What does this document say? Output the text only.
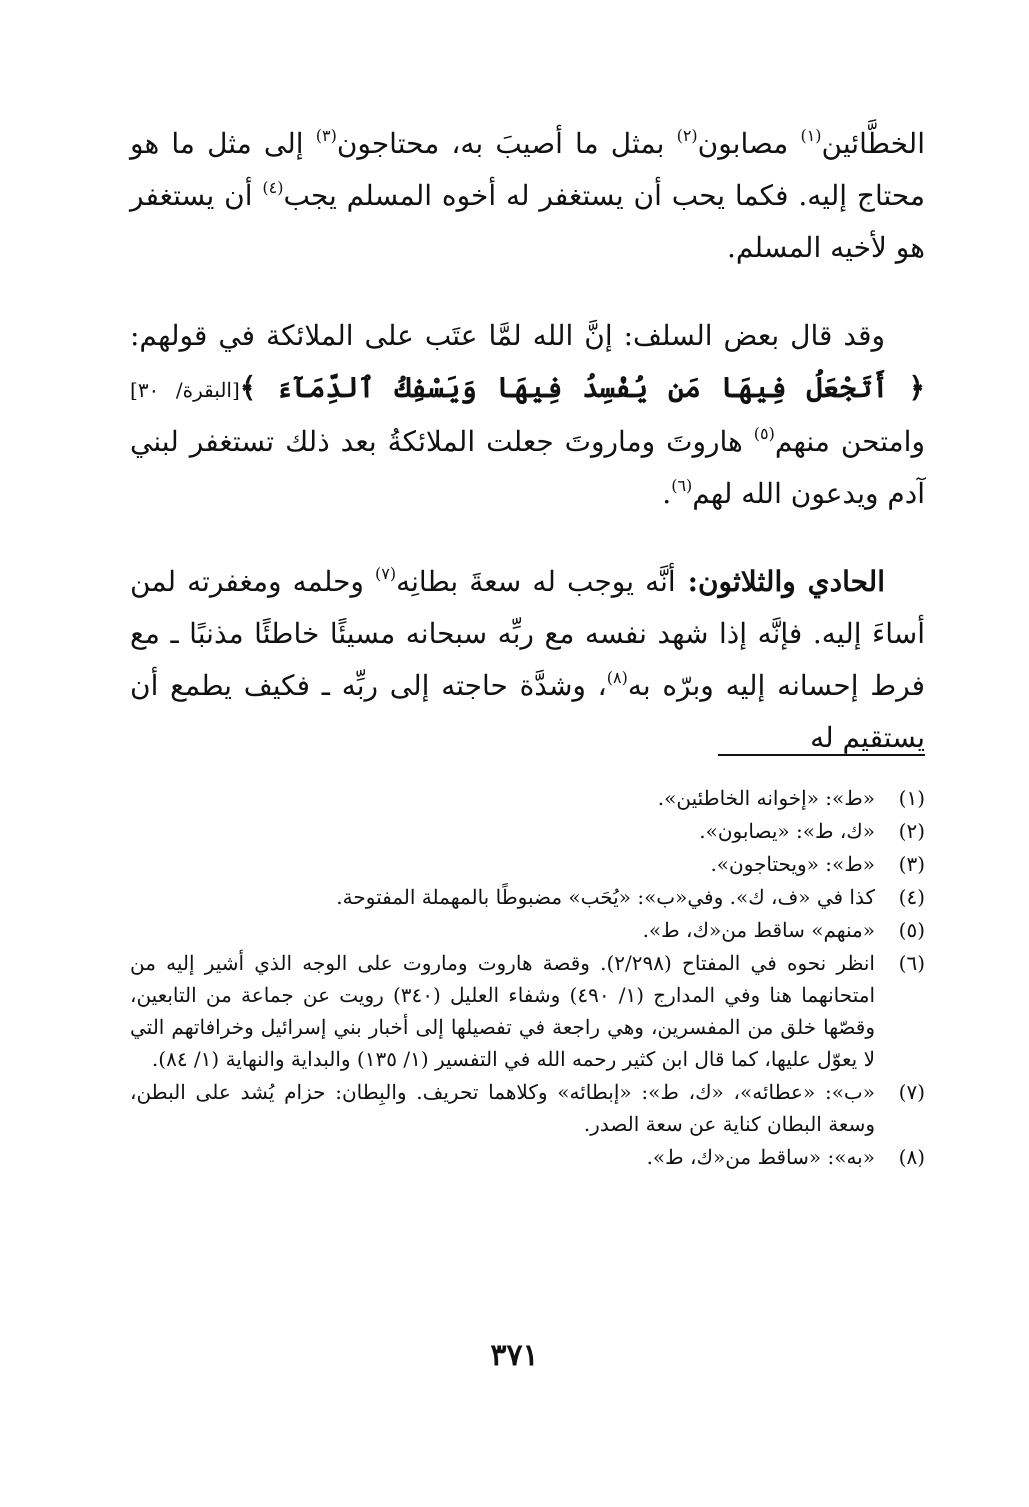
الخطَّائين$^{(١)}$ مصابون$^{(٢)}$ بمثل ما أصيبَ به، محتاجون$^{(٣)}$ إلى مثل ما هو محتاج إليه. فكما يحب أن يستغفر له أخوه المسلم يجب$^{(٤)}$ أن يستغفر هو لأخيه المسلم.

وقد قال بعض السلف: إنَّ الله لمَّا عتَب على الملائكة في قولهم: ﴿ أَتَجْعَلُ فِيهَا مَن يُفْسِدُ فِيهَا وَيَسْفِكُ ٱلدِّمَآءَ ﴾[البقرة/ ٣٠] وامتحن منهم$^{(٥)}$ هاروتَ وماروتَ جعلت الملائكةُ بعد ذلك تستغفر لبني آدم ويدعون الله لهم$^{(٦)}$.

الحادي والثلاثون: أنَّه يوجب له سعةَ بطانِه$^{(٧)}$ وحلمه ومغفرته لمن أساءَ إليه. فإنَّه إذا شهد نفسه مع ربِّه سبحانه مسيئًا خاطئًا مذنبًا ـ مع فرط إحسانه إليه وبرّه به$^{(٨)}$، وشدَّة حاجته إلى ربِّه ـ فكيف يطمع أن يستقيم له

(١)
«ط»: «إخوانه الخاطئين».
(٢)
«ك، ط»: «يصابون».
(٣)
«ط»: «ويحتاجون».
(٤)
كذا في «ف، ك». وفي«ب»: «يُحَب» مضبوطًا بالمهملة المفتوحة.
(٥)
«منهم» ساقط من«ك، ط».
(٦)
انظر نحوه في المفتاح (٢/٢٩٨). وقصة هاروت وماروت على الوجه الذي أشير إليه من امتحانهما هنا وفي المدارج (١/ ٤٩٠) وشفاء العليل (٣٤٠) رويت عن جماعة من التابعين، وقصّها خلق من المفسرين، وهي راجعة في تفصيلها إلى أخبار بني إسرائيل وخرافاتهم التي لا يعوّل عليها، كما قال ابن كثير رحمه الله في التفسير (١/ ١٣٥) والبداية والنهاية (١/ ٨٤).
(٧)
«ب»: «عطائه»، «ك، ط»: «إبطائه» وكلاهما تحريف. والبِطان: حزام يُشد على البطن، وسعة البطان كناية عن سعة الصدر.
(٨)
«به»: «ساقط من«ك، ط».
٣٧١
